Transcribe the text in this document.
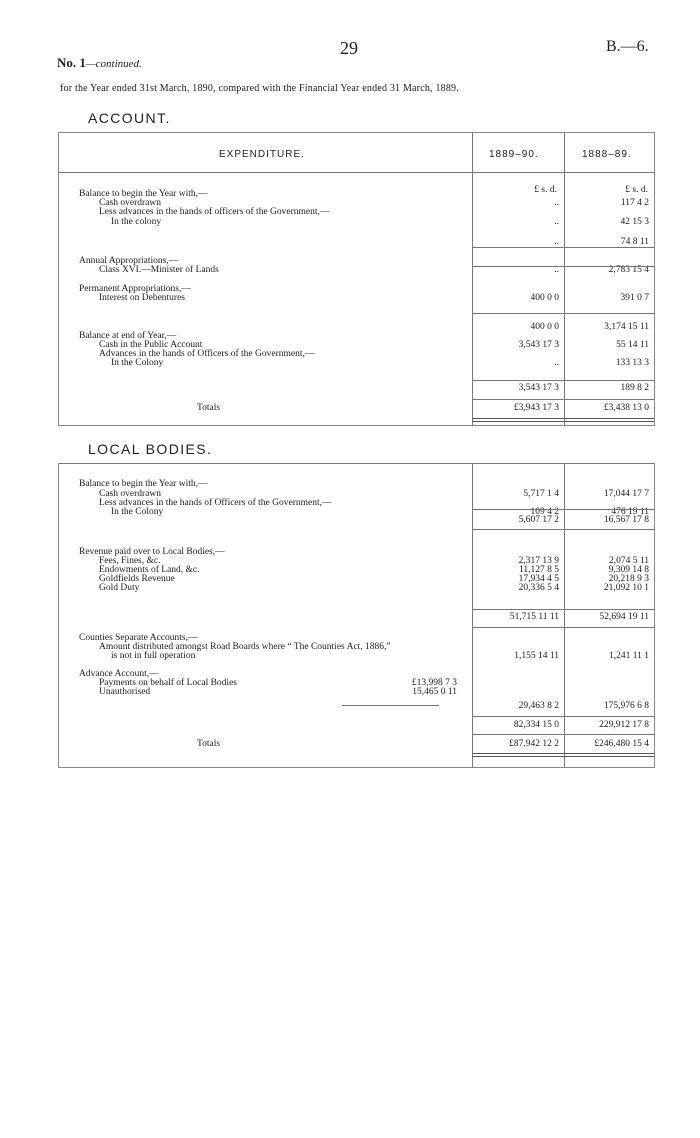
No. 1—continued.
29	B.—6.
for the Year ended 31st March, 1890, compared with the Financial Year ended 31 March, 1889.
ACCOUNT.
EXPENDITURE.	1889–90.	1888–89.
£ s. d.	£ s. d.
Balance to begin the Year with,—
Cash overdrawn	..	117 4 2
Less advances in the hands of officers of the Government,—
In the colony	..	42 15 3
..	74 8 11
Annual Appropriations,—
Class XVI.—Minister of Lands	..	2,783 15 4
Permanent Appropriations,—
Interest on Debentures	400 0 0	391 0 7
400 0 0	3,174 15 11
Balance at end of Year,—
Cash in the Public Account	3,543 17 3	55 14 11
Advances in the hands of Officers of the Government,—
In the Colony	..	133 13 3
3,543 17 3	189 8 2
Totals	£3,943 17 3	£3,438 13 0
LOCAL BODIES.
Balance to begin the Year with,—
Cash overdrawn	5,717 1 4	17,044 17 7
Less advances in the hands of Officers of the Government,—
In the Colony	109 4 2	476 19 11
5,607 17 2	16,567 17 8
Revenue paid over to Local Bodies,—
Fees, Fines, &c.	2,317 13 9	2,074 5 11
Endowments of Land, &c.	11,127 8 5	9,309 14 8
Goldfields Revenue	17,934 4 5	20,218 9 3
Gold Duty	20,336 5 4	21,092 10 1
51,715 11 11	52,694 19 11
Counties Separate Accounts,—
Amount distributed amongst Road Boards where “ The Counties Act, 1886,”
is not in full operation	1,155 14 11	1,241 11 1
Advance Account,—
Payments on behalf of Local Bodies	£13,998 7 3
Unauthorised	15,465 0 11
29,463 8 2	175,976 6 8
82,334 15 0	229,912 17 8
Totals	£87,942 12 2	£246,480 15 4
